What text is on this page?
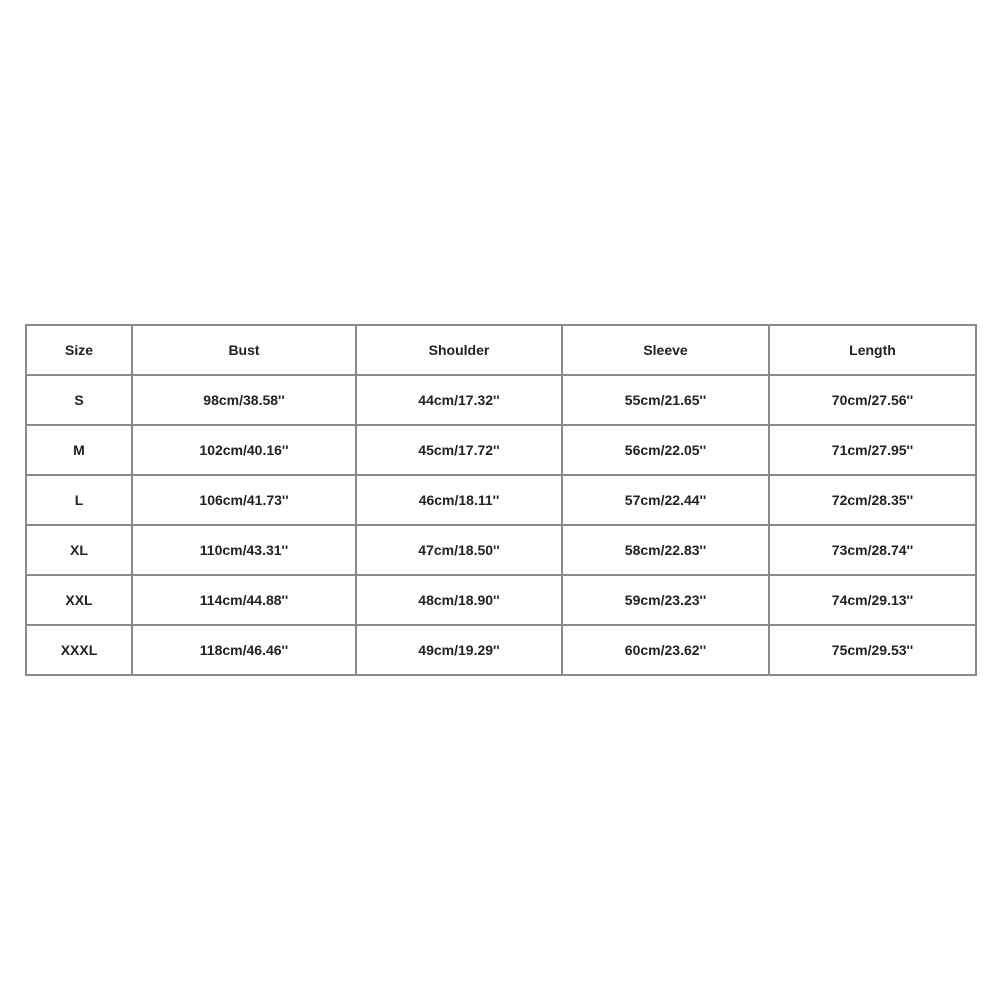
Size	Bust	Shoulder	Sleeve	Length
S	98cm/38.58''	44cm/17.32''	55cm/21.65''	70cm/27.56''
M	102cm/40.16''	45cm/17.72''	56cm/22.05''	71cm/27.95''
L	106cm/41.73''	46cm/18.11''	57cm/22.44''	72cm/28.35''
XL	110cm/43.31''	47cm/18.50''	58cm/22.83''	73cm/28.74''
XXL	114cm/44.88''	48cm/18.90''	59cm/23.23''	74cm/29.13''
XXXL	118cm/46.46''	49cm/19.29''	60cm/23.62''	75cm/29.53''
